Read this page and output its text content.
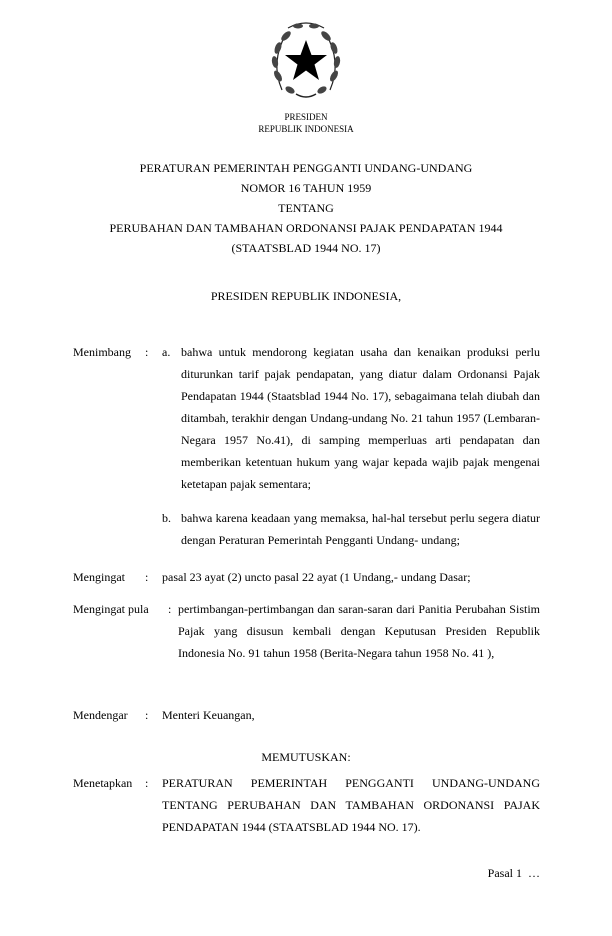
PRESIDEN
REPUBLIK INDONESIA
PERATURAN PEMERINTAH PENGGANTI UNDANG-UNDANG
NOMOR 16 TAHUN 1959
TENTANG
PERUBAHAN DAN TAMBAHAN ORDONANSI PAJAK PENDAPATAN 1944
(STAATSBLAD 1944 NO. 17)
PRESIDEN REPUBLIK INDONESIA,
Menimbang : a. bahwa untuk mendorong kegiatan usaha dan kenaikan produksi perlu diturunkan tarif pajak pendapatan, yang diatur dalam Ordonansi Pajak Pendapatan 1944 (Staatsblad 1944 No. 17), sebagaimana telah diubah dan ditambah, terakhir dengan Undang-undang No. 21 tahun 1957 (Lembaran-Negara 1957 No.41), di samping memperluas arti pendapatan dan memberikan ketentuan hukum yang wajar kepada wajib pajak mengenai ketetapan pajak sementara;
b. bahwa karena keadaan yang memaksa, hal-hal tersebut perlu segera diatur dengan Peraturan Pemerintah Pengganti Undang- undang;
Mengingat : pasal 23 ayat (2) uncto pasal 22 ayat (1 Undang,- undang Dasar;
Mengingat pula : pertimbangan-pertimbangan dan saran-saran dari Panitia Perubahan Sistim Pajak yang disusun kembali dengan Keputusan Presiden Republik Indonesia No. 91 tahun 1958 (Berita-Negara tahun 1958 No. 41 ),
Mendengar : Menteri Keuangan,
MEMUTUSKAN:
Menetapkan : PERATURAN PEMERINTAH PENGGANTI UNDANG-UNDANG TENTANG PERUBAHAN DAN TAMBAHAN ORDONANSI PAJAK PENDAPATAN 1944 (STAATSBLAD 1944 NO. 17).
Pasal 1  …
